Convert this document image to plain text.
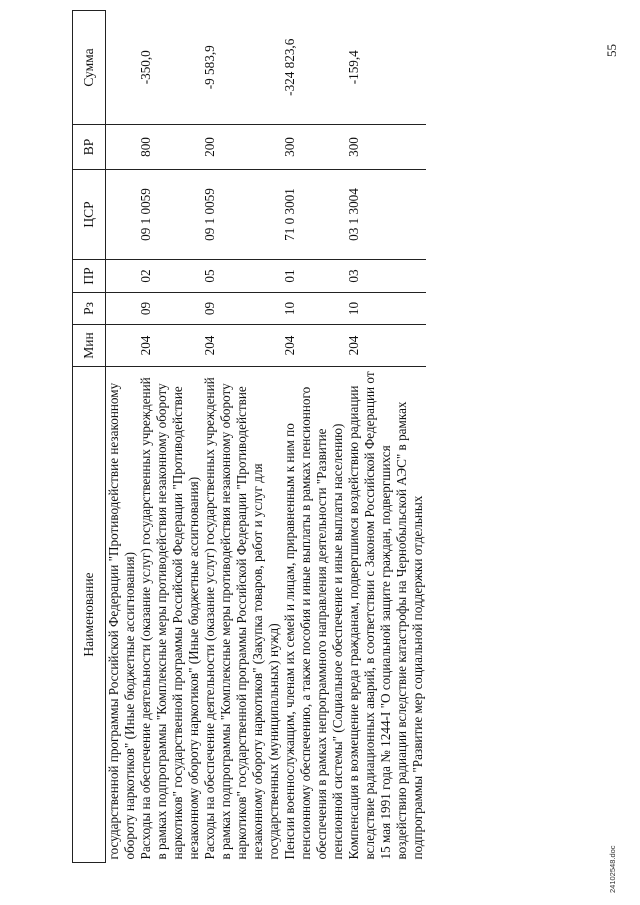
55
Наименование	Мин	Рз	ПР	ЦСР	ВР	Сумма
государственной программы Российской Федерации "Противодействие незаконному обороту наркотиков" (Иные бюджетные ассигнования)						
Расходы на обеспечение деятельности (оказание услуг) государственных учреждений в рамках подпрограммы "Комплексные меры противодействия незаконному обороту наркотиков" государственной программы Российской Федерации "Противодействие незаконному обороту наркотиков" (Иные бюджетные ассигнования)	204	09	02	09 1 0059	800	-350,0
Расходы на обеспечение деятельности (оказание услуг) государственных учреждений в рамках подпрограммы "Комплексные меры противодействия незаконному обороту наркотиков" государственной программы Российской Федерации "Противодействие незаконному обороту наркотиков" (Закупка товаров, работ и услуг для государственных (муниципальных) нужд)	204	09	05	09 1 0059	200	-9 583,9
Пенсии военнослужащим, членам их семей и лицам, приравненным к ним по пенсионному обеспечению, а также пособия и иные выплаты в рамках пенсионного обеспечения в рамках непрограммного направления деятельности "Развитие пенсионной системы" (Социальное обеспечение и иные выплаты населению)	204	10	01	71 0 3001	300	-324 823,6
Компенсация в возмещение вреда гражданам, подвергшимся воздействию радиации вследствие радиационных аварий, в соответствии с Законом Российской Федерации от 15 мая 1991 года № 1244-I "О социальной защите граждан, подвергшихся воздействию радиации вследствие катастрофы на Чернобыльской АЭС" в рамках подпрограммы "Развитие мер социальной поддержки отдельных	204	10	03	03 1 3004	300	-159,4
24102548.doc
